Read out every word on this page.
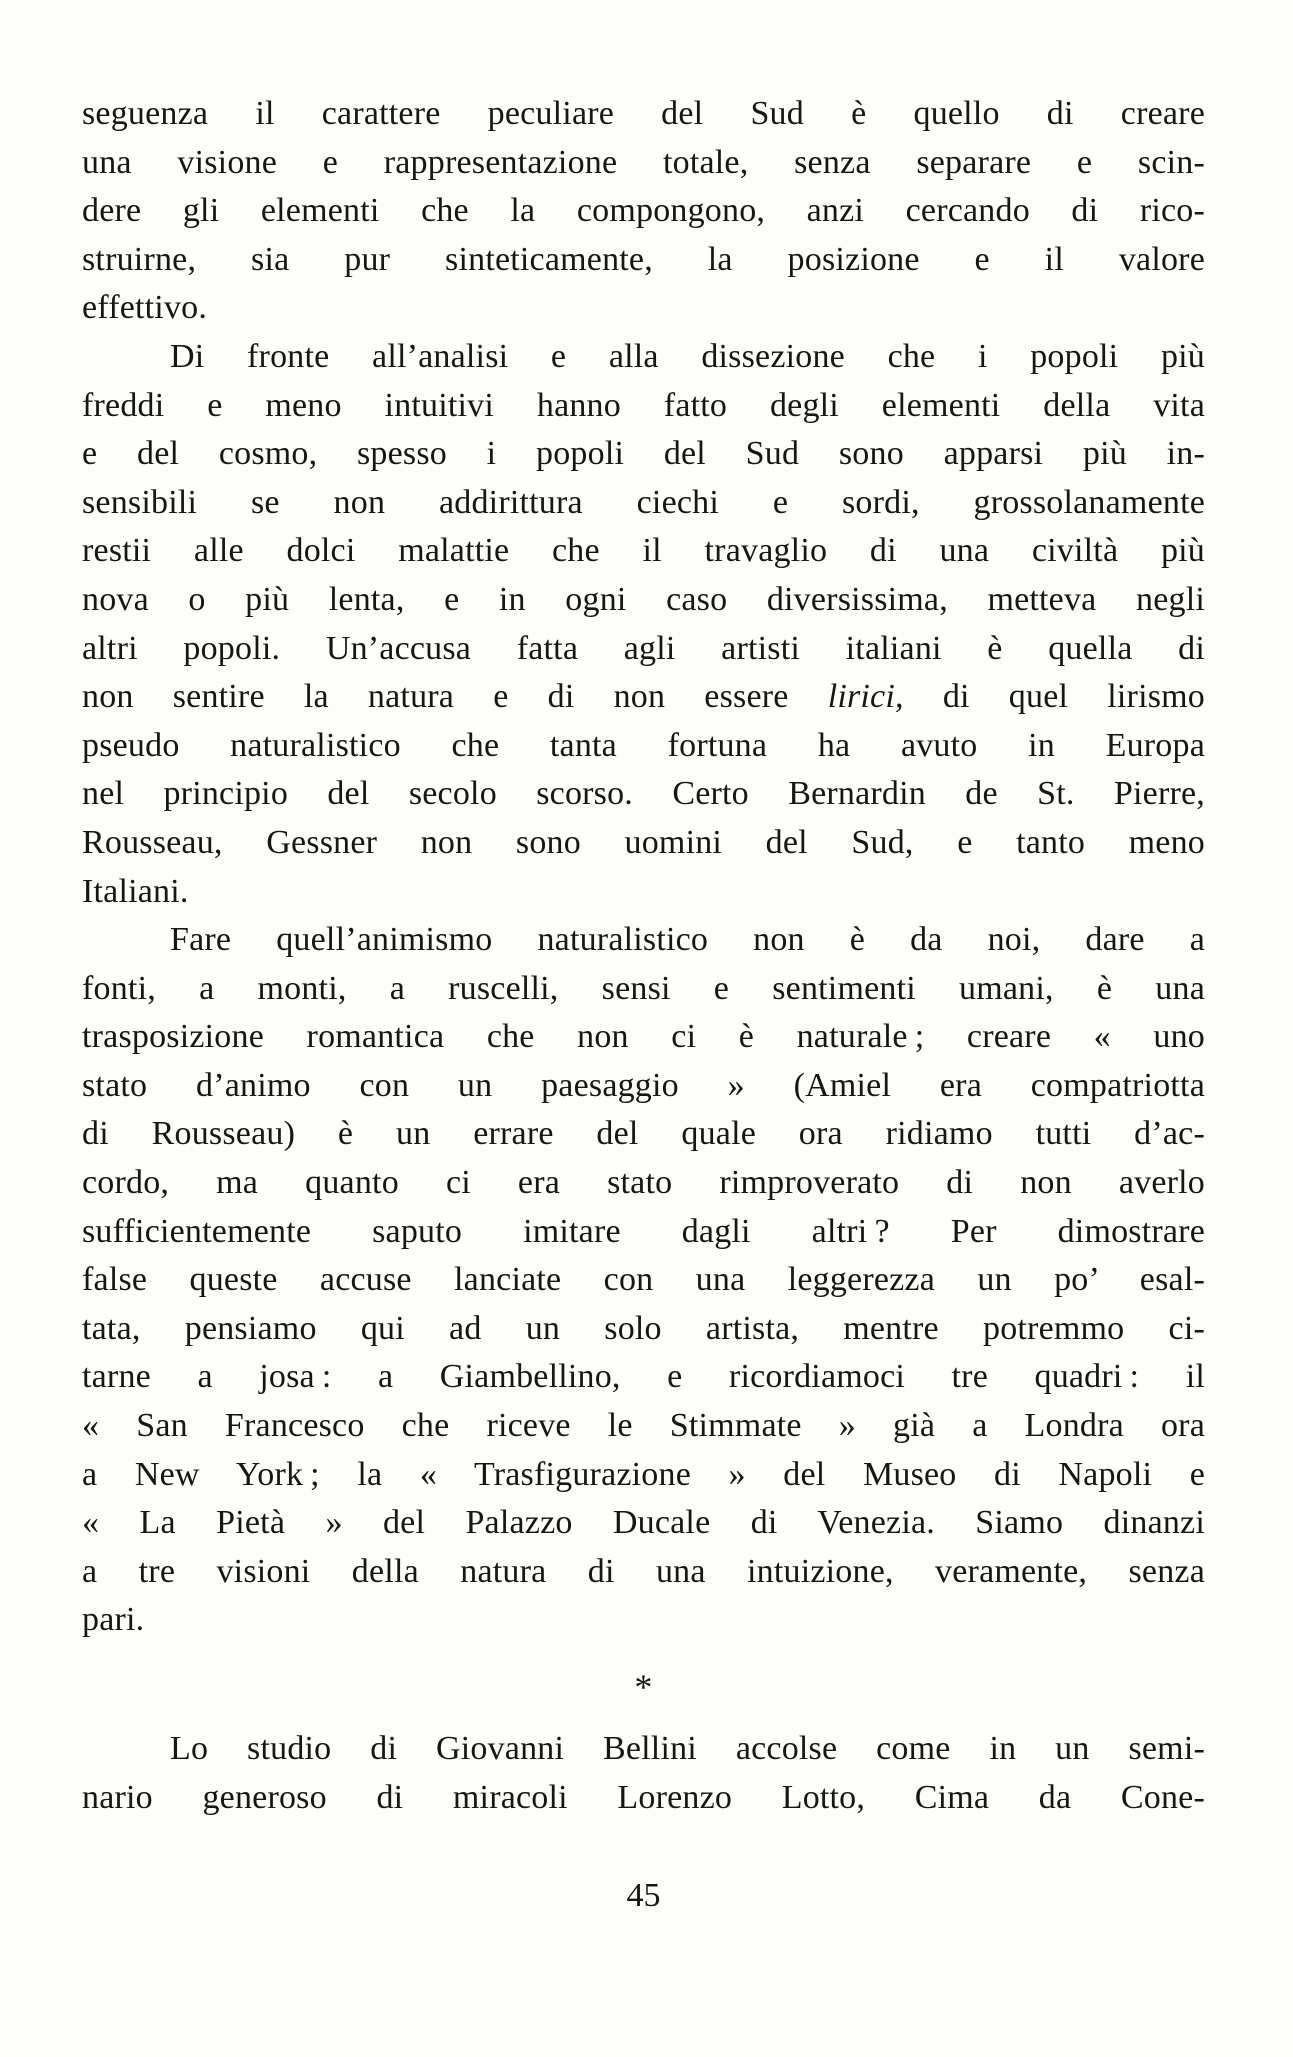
seguenza il carattere peculiare del Sud è quello di creare
una visione e rappresentazione totale, senza separare e scin-
dere gli elementi che la compongono, anzi cercando di rico-
struirne, sia pur sinteticamente, la posizione e il valore
effettivo.
Di fronte all’analisi e alla dissezione che i popoli più
freddi e meno intuitivi hanno fatto degli elementi della vita
e del cosmo, spesso i popoli del Sud sono apparsi più in-
sensibili se non addirittura ciechi e sordi, grossolanamente
restii alle dolci malattie che il travaglio di una civiltà più
nova o più lenta, e in ogni caso diversissima, metteva negli
altri popoli. Un’accusa fatta agli artisti italiani è quella di
non sentire la natura e di non essere lirici, di quel lirismo
pseudo naturalistico che tanta fortuna ha avuto in Europa
nel principio del secolo scorso. Certo Bernardin de St. Pierre,
Rousseau, Gessner non sono uomini del Sud, e tanto meno
Italiani.
Fare quell’animismo naturalistico non è da noi, dare a
fonti, a monti, a ruscelli, sensi e sentimenti umani, è una
trasposizione romantica che non ci è naturale ; creare « uno
stato d’animo con un paesaggio » (Amiel era compatriotta
di Rousseau) è un errare del quale ora ridiamo tutti d’ac-
cordo, ma quanto ci era stato rimproverato di non averlo
sufficientemente saputo imitare dagli altri ? Per dimostrare
false queste accuse lanciate con una leggerezza un po’ esal-
tata, pensiamo qui ad un solo artista, mentre potremmo ci-
tarne a josa : a Giambellino, e ricordiamoci tre quadri : il
« San Francesco che riceve le Stimmate » già a Londra ora
a New York ; la « Trasfigurazione » del Museo di Napoli e
« La Pietà » del Palazzo Ducale di Venezia. Siamo dinanzi
a tre visioni della natura di una intuizione, veramente, senza
pari.
*
Lo studio di Giovanni Bellini accolse come in un semi-
nario generoso di miracoli Lorenzo Lotto, Cima da Cone-
45
